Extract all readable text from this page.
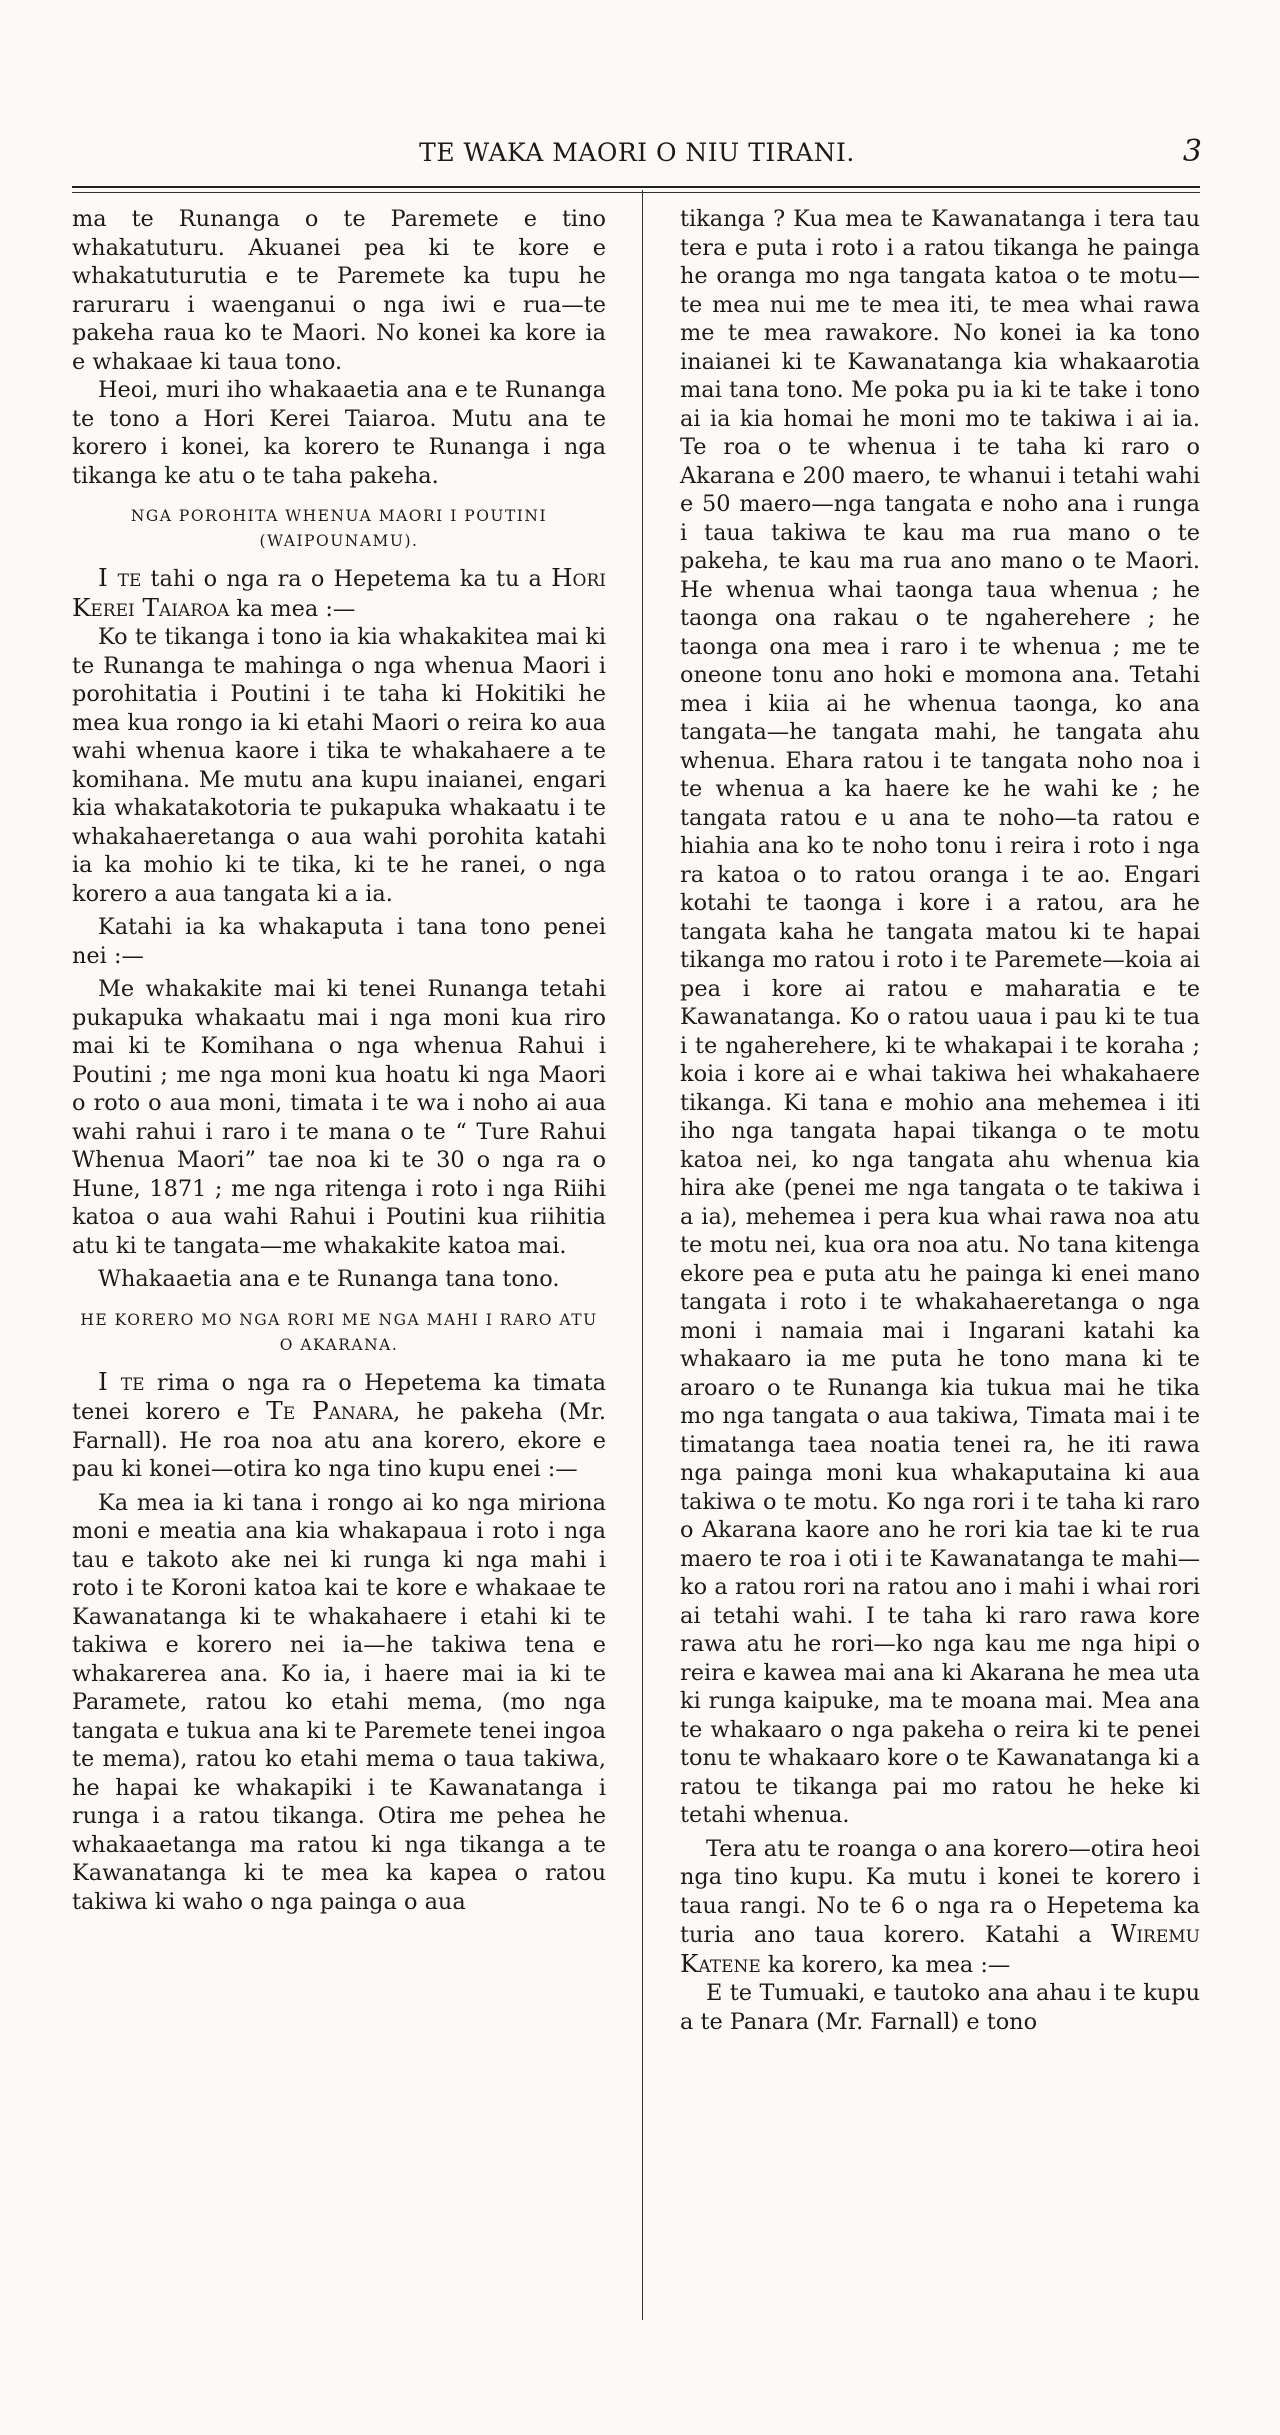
TE WAKA MAORI O NIU TIRANI.	3

ma te Runanga o te Paremete e tino whakatuturu. Akuanei pea ki te kore e whakatuturutia e te Paremete ka tupu he raruraru i waenganui o nga iwi e rua—te pakeha raua ko te Maori. No konei ka kore ia e whakaae ki taua tono.

Heoi, muri iho whakaaetia ana e te Runanga te tono a Hori Kerei Taiaroa. Mutu ana te korero i konei, ka korero te Runanga i nga tikanga ke atu o te taha pakeha.

NGA POROHITA WHENUA MAORI I POUTINI (WAIPOUNAMU).

I te tahi o nga ra o Hepetema ka tu a Hori Kerei Taiaroa ka mea :—

Ko te tikanga i tono ia kia whakakitea mai ki te Runanga te mahinga o nga whenua Maori i porohitatia i Poutini i te taha ki Hokitiki he mea kua rongo ia ki etahi Maori o reira ko aua wahi whenua kaore i tika te whakahaere a te komihana. Me mutu ana kupu inaianei, engari kia whakatakotoria te pukapuka whakaatu i te whakahaeretanga o aua wahi porohita katahi ia ka mohio ki te tika, ki te he ranei, o nga korero a aua tangata ki a ia.

Katahi ia ka whakaputa i tana tono penei nei :—

Me whakakite mai ki tenei Runanga tetahi pukapuka whakaatu mai i nga moni kua riro mai ki te Komihana o nga whenua Rahui i Poutini ; me nga moni kua hoatu ki nga Maori o roto o aua moni, timata i te wa i noho ai aua wahi rahui i raro i te mana o te “ Ture Rahui Whenua Maori” tae noa ki te 30 o nga ra o Hune, 1871 ; me nga ritenga i roto i nga Riihi katoa o aua wahi Rahui i Poutini kua riihitia atu ki te tangata—me whakakite katoa mai.

Whakaaetia ana e te Runanga tana tono.

HE KORERO MO NGA RORI ME NGA MAHI I RARO ATU O AKARANA.

I te rima o nga ra o Hepetema ka timata tenei korero e Te Panara, he pakeha (Mr. Farnall). He roa noa atu ana korero, ekore e pau ki konei—otira ko nga tino kupu enei :—

Ka mea ia ki tana i rongo ai ko nga miriona moni e meatia ana kia whakapaua i roto i nga tau e takoto ake nei ki runga ki nga mahi i roto i te Koroni katoa kai te kore e whakaae te Kawanatanga ki te whakahaere i etahi ki te takiwa e korero nei ia—he takiwa tena e whakarerea ana. Ko ia, i haere mai ia ki te Paramete, ratou ko etahi mema, (mo nga tangata e tukua ana ki te Paremete tenei ingoa te mema), ratou ko etahi mema o taua takiwa, he hapai ke whakapiki i te Kawanatanga i runga i a ratou tikanga. Otira me pehea he whakaaetanga ma ratou ki nga tikanga a te Kawanatanga ki te mea ka kapea o ratou takiwa ki waho o nga painga o aua

tikanga ? Kua mea te Kawanatanga i tera tau tera e puta i roto i a ratou tikanga he painga he oranga mo nga tangata katoa o te motu—te mea nui me te mea iti, te mea whai rawa me te mea rawakore. No konei ia ka tono inaianei ki te Kawanatanga kia whakaarotia mai tana tono. Me poka pu ia ki te take i tono ai ia kia homai he moni mo te takiwa i ai ia. Te roa o te whenua i te taha ki raro o Akarana e 200 maero, te whanui i tetahi wahi e 50 maero—nga tangata e noho ana i runga i taua takiwa te kau ma rua mano o te pakeha, te kau ma rua ano mano o te Maori. He whenua whai taonga taua whenua ; he taonga ona rakau o te ngaherehere ; he taonga ona mea i raro i te whenua ; me te oneone tonu ano hoki e momona ana. Tetahi mea i kiia ai he whenua taonga, ko ana tangata—he tangata mahi, he tangata ahu whenua. Ehara ratou i te tangata noho noa i te whenua a ka haere ke he wahi ke ; he tangata ratou e u ana te noho—ta ratou e hiahia ana ko te noho tonu i reira i roto i nga ra katoa o to ratou oranga i te ao. Engari kotahi te taonga i kore i a ratou, ara he tangata kaha he tangata matou ki te hapai tikanga mo ratou i roto i te Paremete—koia ai pea i kore ai ratou e maharatia e te Kawanatanga. Ko o ratou uaua i pau ki te tua i te ngaherehere, ki te whakapai i te koraha ; koia i kore ai e whai takiwa hei whakahaere tikanga. Ki tana e mohio ana mehemea i iti iho nga tangata hapai tikanga o te motu katoa nei, ko nga tangata ahu whenua kia hira ake (penei me nga tangata o te takiwa i a ia), mehemea i pera kua whai rawa noa atu te motu nei, kua ora noa atu. No tana kitenga ekore pea e puta atu he painga ki enei mano tangata i roto i te whakahaeretanga o nga moni i namaia mai i Ingarani katahi ka whakaaro ia me puta he tono mana ki te aroaro o te Runanga kia tukua mai he tika mo nga tangata o aua takiwa, Timata mai i te timatanga taea noatia tenei ra, he iti rawa nga painga moni kua whakaputaina ki aua takiwa o te motu. Ko nga rori i te taha ki raro o Akarana kaore ano he rori kia tae ki te rua maero te roa i oti i te Kawanatanga te mahi—ko a ratou rori na ratou ano i mahi i whai rori ai tetahi wahi. I te taha ki raro rawa kore rawa atu he rori—ko nga kau me nga hipi o reira e kawea mai ana ki Akarana he mea uta ki runga kaipuke, ma te moana mai. Mea ana te whakaaro o nga pakeha o reira ki te penei tonu te whakaaro kore o te Kawanatanga ki a ratou te tikanga pai mo ratou he heke ki tetahi whenua.

Tera atu te roanga o ana korero—otira heoi nga tino kupu. Ka mutu i konei te korero i taua rangi. No te 6 o nga ra o Hepetema ka turia ano taua korero. Katahi a Wiremu Katene ka korero, ka mea :—

E te Tumuaki, e tautoko ana ahau i te kupu a te Panara (Mr. Farnall) e tono
